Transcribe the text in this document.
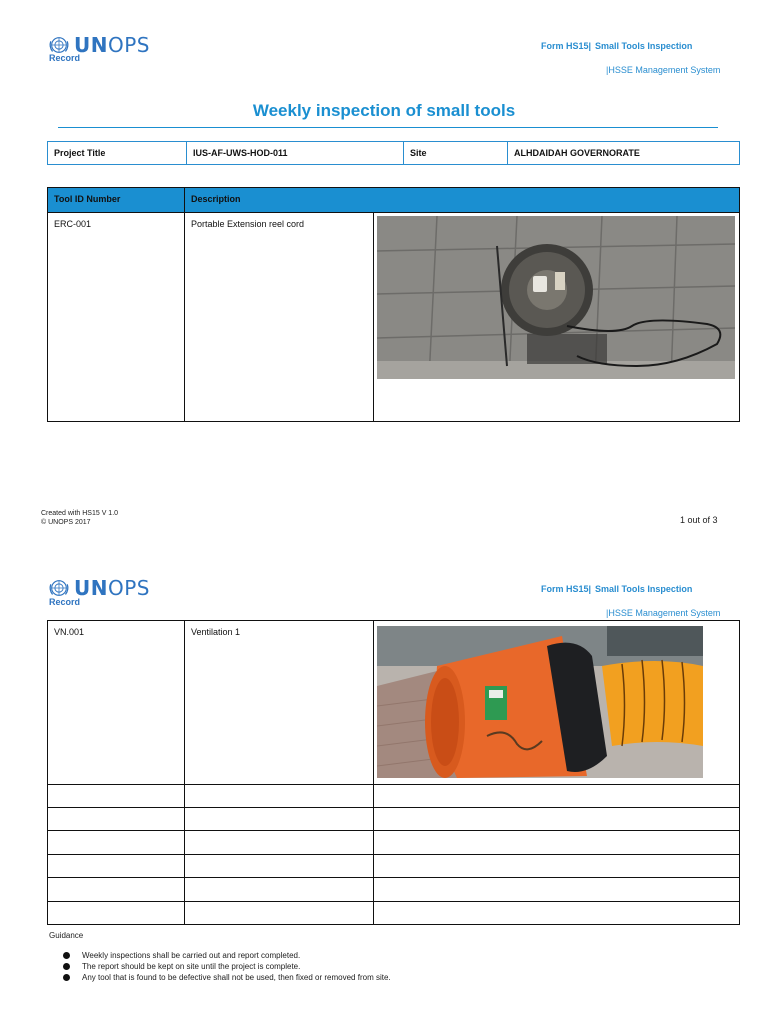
UNOPS
Record
Form HS15| Small Tools Inspection
|HSSE Management System
Weekly inspection of small tools
Project Title	IUS-AF-UWS-HOD-011	Site	ALHDAIDAH GOVERNORATE
Tool ID Number	Description
ERC-001	Portable Extension reel cord
Created with HS15 V 1.0
© UNOPS 2017	1 out of 3
UNOPS
Record
Form HS15| Small Tools Inspection
|HSSE Management System
VN.001	Ventilation 1
Guidance
Weekly inspections shall be carried out and report completed.
The report should be kept on site until the project is complete.
Any tool that is found to be defective shall not be used, then fixed or removed from site.
